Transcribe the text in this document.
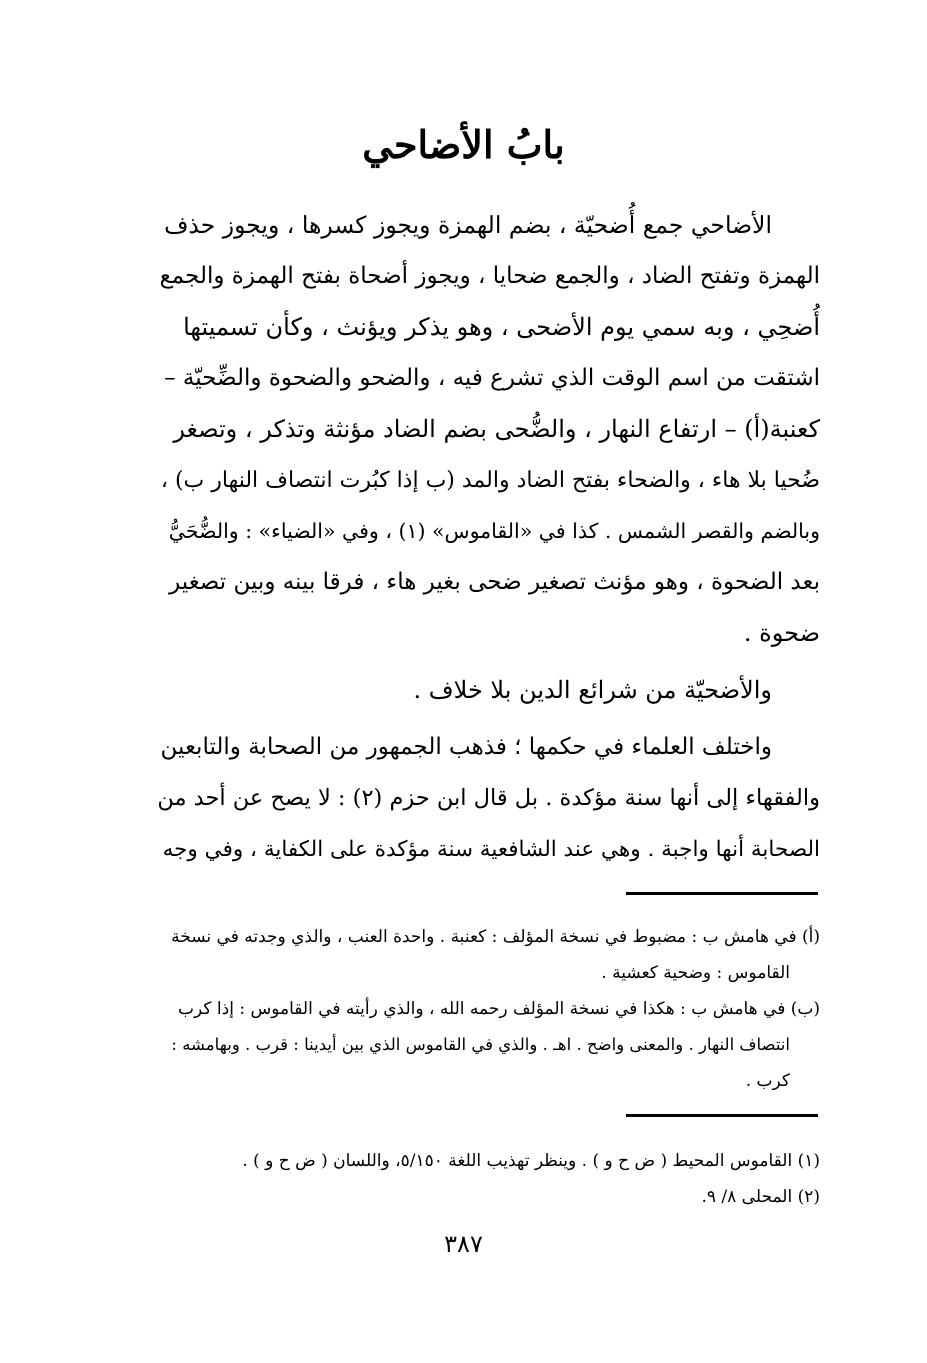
بابُ الأضاحي
الأضاحي جمع أُضحيّة ، بضم الهمزة ويجوز كسرها ، ويجوز حذف
الهمزة وتفتح الضاد ، والجمع ضحايا ، ويجوز أضحاة بفتح الهمزة والجمع
أُضحِي ، وبه سمي يوم الأضحى ، وهو يذكر ويؤنث ، وكأن تسميتها
اشتقت من اسم الوقت الذي تشرع فيه ، والضحو والضحوة والضِّحيّة –
كعنبة(أ) – ارتفاع النهار ، والضُّحى بضم الضاد مؤنثة وتذكر ، وتصغر
ضُحيا بلا هاء ، والضحاء بفتح الضاد والمد (ب إذا كبُرت انتصاف النهار ب) ،
وبالضم والقصر الشمس . كذا في «القاموس» (١) ، وفي «الضياء» : والضُّحَيُّ
بعد الضحوة ، وهو مؤنث تصغير ضحى بغير هاء ، فرقا بينه وبين تصغير
ضحوة .
والأضحيّة من شرائع الدين بلا خلاف .
واختلف العلماء في حكمها ؛ فذهب الجمهور من الصحابة والتابعين
والفقهاء إلى أنها سنة مؤكدة . بل قال ابن حزم (٢) : لا يصح عن أحد من
الصحابة أنها واجبة . وهي عند الشافعية سنة مؤكدة على الكفاية ، وفي وجه
(أ) في هامش ب : مضبوط في نسخة المؤلف : كعنبة . واحدة العنب ، والذي وجدته في نسخة
القاموس : وضحية كعشية .
(ب) في هامش ب : هكذا في نسخة المؤلف رحمه الله ، والذي رأيته في القاموس : إذا كرب
انتصاف النهار . والمعنى واضح . اهـ . والذي في القاموس الذي بين أيدينا : قرب . وبهامشه :
كرب .
(١) القاموس المحيط ( ض ح و ) . وينظر تهذيب اللغة ٥/١٥٠، واللسان ( ض ح و ) .
(٢) المحلى ٨/ ٩.
٣٨٧
